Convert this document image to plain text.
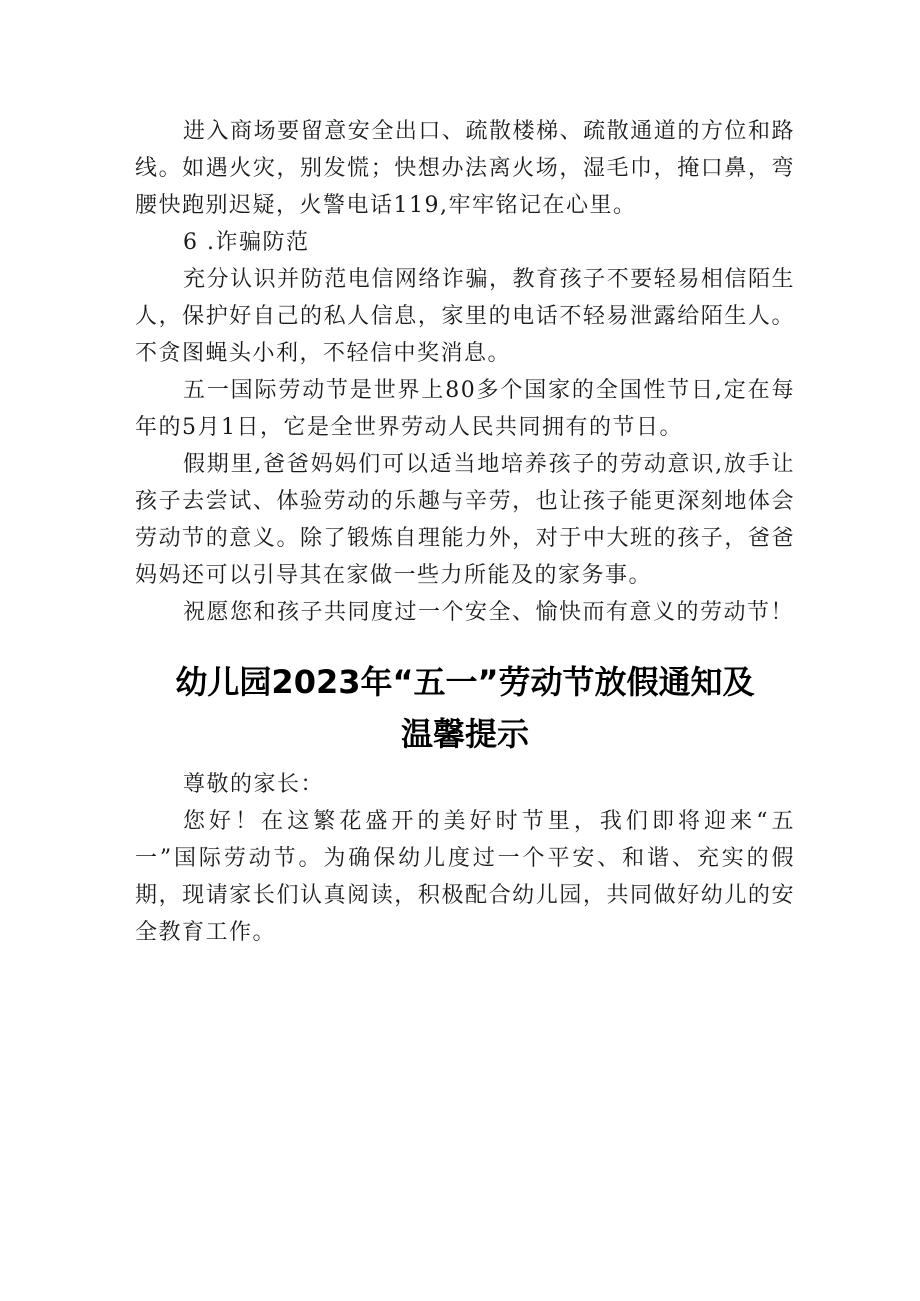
进入商场要留意安全出口、疏散楼梯、疏散通道的方位和路线。如遇火灾，别发慌；快想办法离火场，湿毛巾，掩口鼻，弯腰快跑别迟疑，火警电话119,牢牢铭记在心里。

6 .诈骗防范

充分认识并防范电信网络诈骗，教育孩子不要轻易相信陌生人，保护好自己的私人信息，家里的电话不轻易泄露给陌生人。不贪图蝇头小利，不轻信中奖消息。

五一国际劳动节是世界上80多个国家的全国性节日,定在每年的5月1日，它是全世界劳动人民共同拥有的节日。

假期里,爸爸妈妈们可以适当地培养孩子的劳动意识,放手让孩子去尝试、体验劳动的乐趣与辛劳，也让孩子能更深刻地体会劳动节的意义。除了锻炼自理能力外，对于中大班的孩子，爸爸妈妈还可以引导其在家做一些力所能及的家务事。

祝愿您和孩子共同度过一个安全、愉快而有意义的劳动节！

幼儿园2023年“五一”劳动节放假通知及
温馨提示

尊敬的家长：

您好！在这繁花盛开的美好时节里，我们即将迎来“五一”国际劳动节。为确保幼儿度过一个平安、和谐、充实的假期，现请家长们认真阅读，积极配合幼儿园，共同做好幼儿的安全教育工作。
